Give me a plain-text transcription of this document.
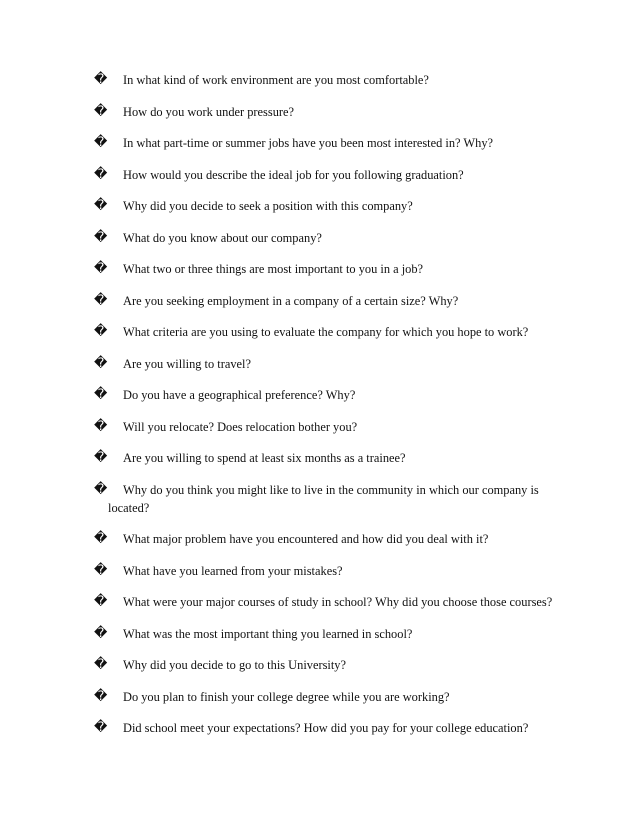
� In what kind of work environment are you most comfortable?
� How do you work under pressure?
� In what part-time or summer jobs have you been most interested in? Why?
� How would you describe the ideal job for you following graduation?
� Why did you decide to seek a position with this company?
� What do you know about our company?
� What two or three things are most important to you in a job?
� Are you seeking employment in a company of a certain size? Why?
� What criteria are you using to evaluate the company for which you hope to work?
� Are you willing to travel?
� Do you have a geographical preference? Why?
� Will you relocate? Does relocation bother you?
� Are you willing to spend at least six months as a trainee?
� Why do you think you might like to live in the community in which our company is
located?
� What major problem have you encountered and how did you deal with it?
� What have you learned from your mistakes?
� What were your major courses of study in school? Why did you choose those courses?
� What was the most important thing you learned in school?
� Why did you decide to go to this University?
� Do you plan to finish your college degree while you are working?
� Did school meet your expectations? How did you pay for your college education?
